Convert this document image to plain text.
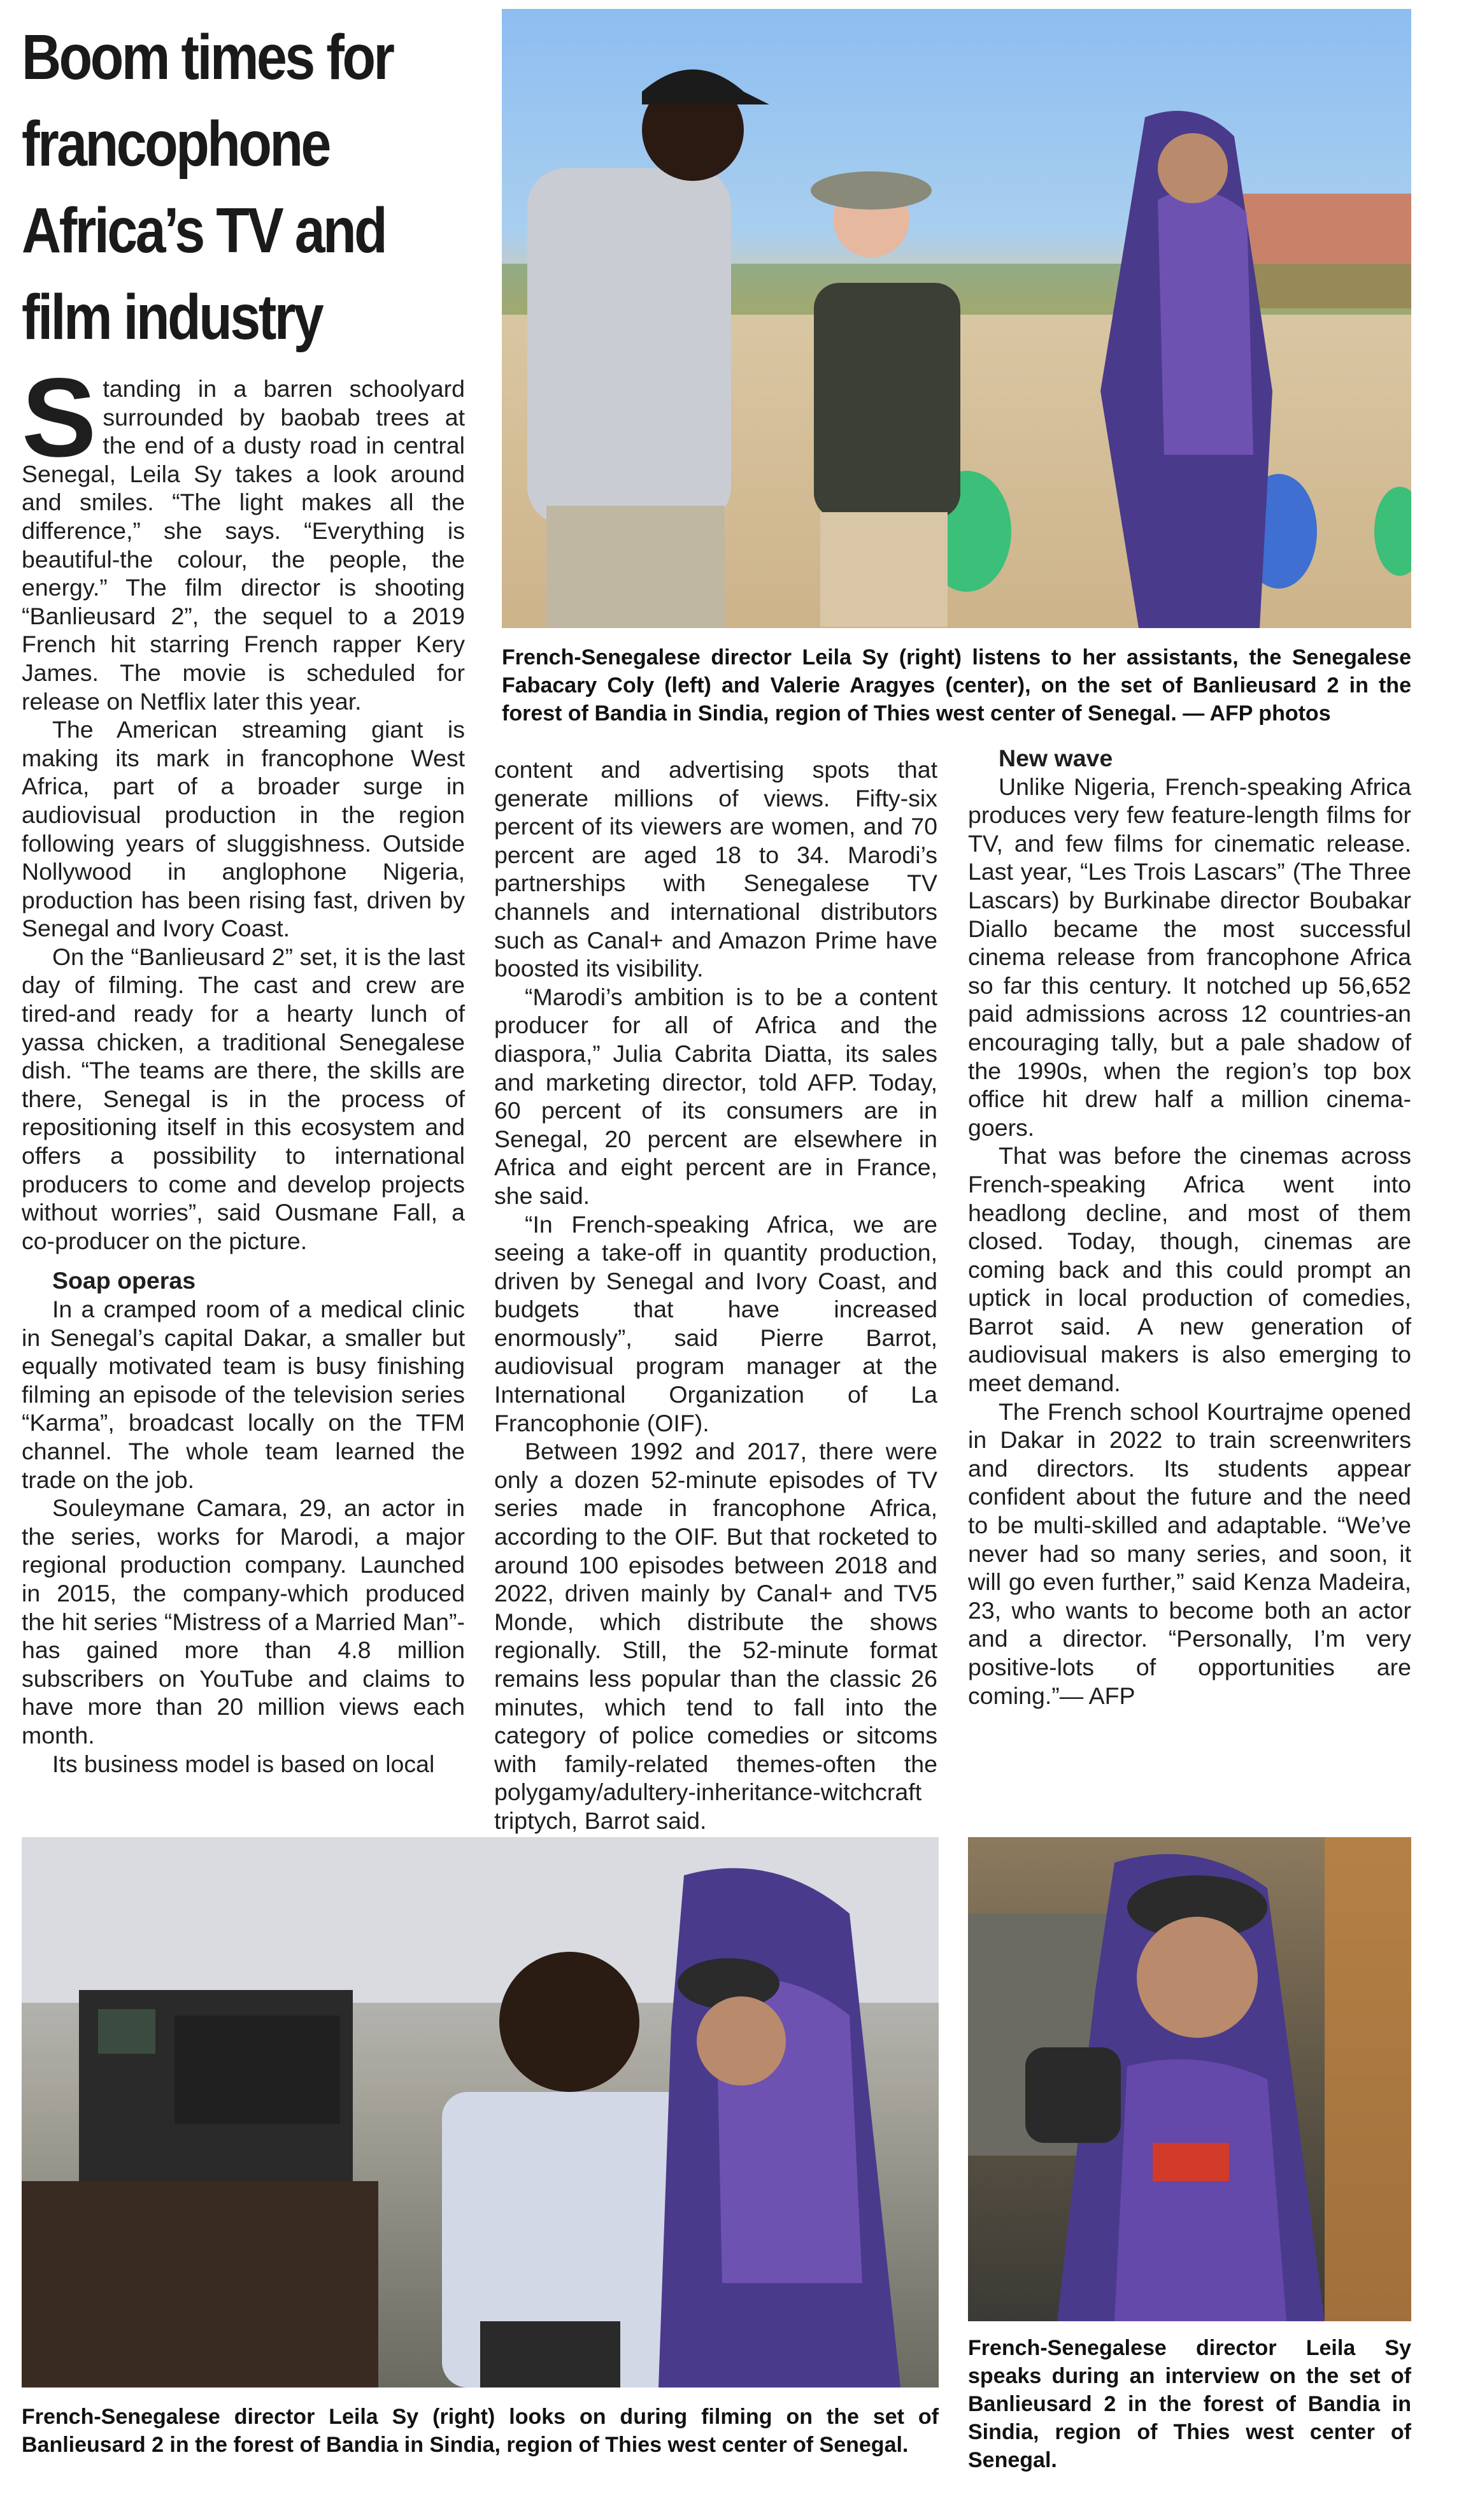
Boom times for
francophone
Africa’s TV and
film industry
French-Senegalese director Leila Sy (right) listens to her assistants, the Senegalese Fabacary Coly (left) and Valerie Aragyes (center), on the set of Banlieusard 2 in the forest of Bandia in Sindia, region of Thies west center of Senegal. — AFP photos

Standing in a barren schoolyard surrounded by baobab trees at the end of a dusty road in central Senegal, Leila Sy takes a look around and smiles. “The light makes all the difference,” she says. “Everything is beautiful-the colour, the people, the energy.” The film director is shooting “Banlieusard 2”, the sequel to a 2019 French hit starring French rapper Kery James. The movie is scheduled for release on Netflix later this year.

The American streaming giant is making its mark in francophone West Africa, part of a broader surge in audiovisual production in the region following years of sluggishness. Outside Nollywood in anglophone Nigeria, production has been rising fast, driven by Senegal and Ivory Coast.

On the “Banlieusard 2” set, it is the last day of filming. The cast and crew are tired-and ready for a hearty lunch of yassa chicken, a traditional Senegalese dish. “The teams are there, the skills are there, Senegal is in the process of repositioning itself in this ecosystem and offers a possibility to international producers to come and develop projects without worries”, said Ousmane Fall, a co-producer on the picture.

Soap operas

In a cramped room of a medical clinic in Senegal’s capital Dakar, a smaller but equally motivated team is busy finishing filming an episode of the television series “Karma”, broadcast locally on the TFM channel. The whole team learned the trade on the job.

Souleymane Camara, 29, an actor in the series, works for Marodi, a major regional production company. Launched in 2015, the company-which produced the hit series “Mistress of a Married Man”-has gained more than 4.8 million subscribers on YouTube and claims to have more than 20 million views each month.

Its business model is based on local

content and advertising spots that generate millions of views. Fifty-six percent of its viewers are women, and 70 percent are aged 18 to 34. Marodi’s partnerships with Senegalese TV channels and international distributors such as Canal+ and Amazon Prime have boosted its visibility.

“Marodi’s ambition is to be a content producer for all of Africa and the diaspora,” Julia Cabrita Diatta, its sales and marketing director, told AFP. Today, 60 percent of its consumers are in Senegal, 20 percent are elsewhere in Africa and eight percent are in France, she said.

“In French-speaking Africa, we are seeing a take-off in quantity production, driven by Senegal and Ivory Coast, and budgets that have increased enormously”, said Pierre Barrot, audiovisual program manager at the International Organization of La Francophonie (OIF).

Between 1992 and 2017, there were only a dozen 52-minute episodes of TV series made in francophone Africa, according to the OIF. But that rocketed to around 100 episodes between 2018 and 2022, driven mainly by Canal+ and TV5 Monde, which distribute the shows regionally. Still, the 52-minute format remains less popular than the classic 26 minutes, which tend to fall into the category of police comedies or sitcoms with family-related themes-often the polygamy/adultery-inheritance-witchcraft triptych, Barrot said.

New wave

Unlike Nigeria, French-speaking Africa produces very few feature-length films for TV, and few films for cinematic release. Last year, “Les Trois Lascars” (The Three Lascars) by Burkinabe director Boubakar Diallo became the most successful cinema release from francophone Africa so far this century. It notched up 56,652 paid admissions across 12 countries-an encouraging tally, but a pale shadow of the 1990s, when the region’s top box office hit drew half a million cinema-goers.

That was before the cinemas across French-speaking Africa went into headlong decline, and most of them closed. Today, though, cinemas are coming back and this could prompt an uptick in local production of comedies, Barrot said. A new generation of audiovisual makers is also emerging to meet demand.

The French school Kourtrajme opened in Dakar in 2022 to train screenwriters and directors. Its students appear confident about the future and the need to be multi-skilled and adaptable. “We’ve never had so many series, and soon, it will go even further,” said Kenza Madeira, 23, who wants to become both an actor and a director. “Personally, I’m very positive-lots of opportunities are coming.”— AFP

French-Senegalese director Leila Sy (right) looks on during filming on the set of Banlieusard 2 in the forest of Bandia in Sindia, region of Thies west center of Senegal.
French-Senegalese director Leila Sy speaks during an interview on the set of Banlieusard 2 in the forest of Bandia in Sindia, region of Thies west center of Senegal.
